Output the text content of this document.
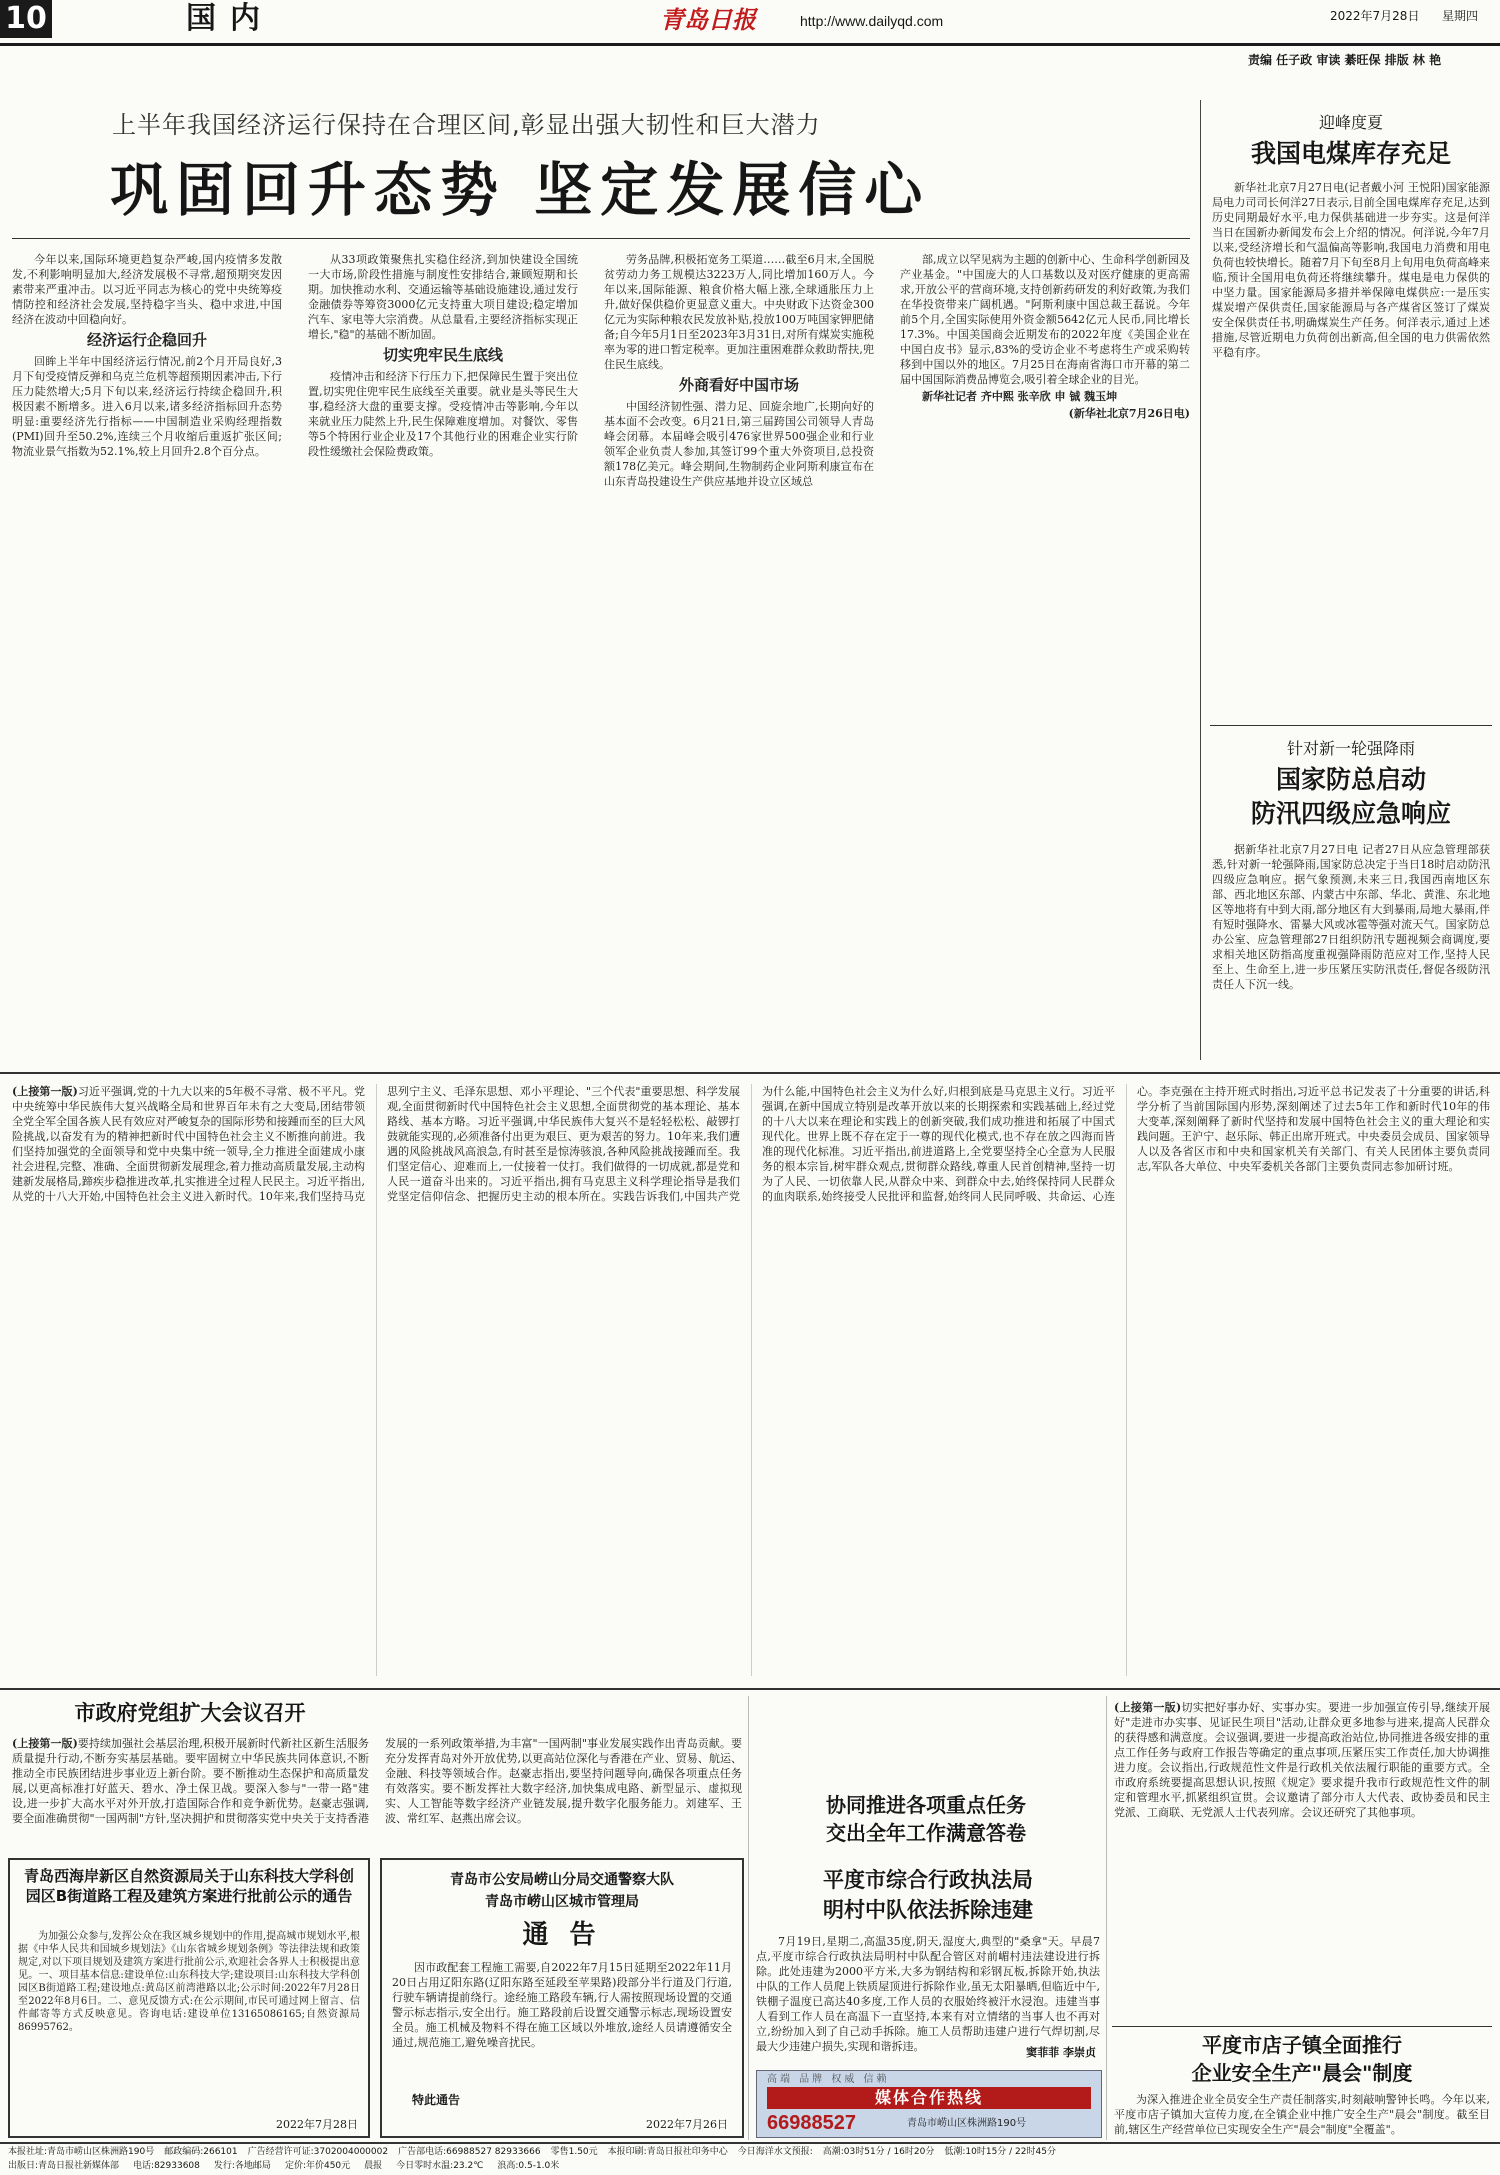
10	国内	青岛日报	http://www.dailyqd.com	2022年7月28日 星期四
责编 任子政 审读 綦旺保 排版 林 艳
上半年我国经济运行保持在合理区间,彰显出强大韧性和巨大潜力
巩固回升态势 坚定发展信心

今年以来,国际环境更趋复杂严峻,国内疫情多发散发,不利影响明显加大,经济发展极不寻常,超预期突发因素带来严重冲击。以习近平同志为核心的党中央统筹疫情防控和经济社会发展,坚持稳字当头、稳中求进,中国经济在波动中回稳向好。

经济运行企稳回升

回眸上半年中国经济运行情况,前2个月开局良好,3月下旬受疫情反弹和乌克兰危机等超预期因素冲击,下行压力陡然增大;5月下旬以来,经济运行持续企稳回升,积极因素不断增多。进入6月以来,诸多经济指标回升态势明显:重要经济先行指标——中国制造业采购经理指数(PMI)回升至50.2%,连续三个月收缩后重返扩张区间;物流业景气指数为52.1%,较上月回升2.8个百分点。

从33项政策聚焦扎实稳住经济,到加快建设全国统一大市场,阶段性措施与制度性安排结合,兼顾短期和长期。加快推动水利、交通运输等基础设施建设,通过发行金融债券等筹资3000亿元支持重大项目建设;稳定增加汽车、家电等大宗消费。从总量看,主要经济指标实现正增长,"稳"的基础不断加固。

切实兜牢民生底线

疫情冲击和经济下行压力下,把保障民生置于突出位置,切实兜住兜牢民生底线至关重要。就业是头等民生大事,稳经济大盘的重要支撑。受疫情冲击等影响,今年以来就业压力陡然上升,民生保障难度增加。对餐饮、零售等5个特困行业企业及17个其他行业的困难企业实行阶段性缓缴社会保险费政策。

劳务品牌,积极拓宽务工渠道……截至6月末,全国脱贫劳动力务工规模达3223万人,同比增加160万人。今年以来,国际能源、粮食价格大幅上涨,全球通胀压力上升,做好保供稳价更显意义重大。中央财政下达资金300亿元为实际种粮农民发放补贴,投放100万吨国家钾肥储备;自今年5月1日至2023年3月31日,对所有煤炭实施税率为零的进口暂定税率。更加注重困难群众救助帮扶,兜住民生底线。

外商看好中国市场

中国经济韧性强、潜力足、回旋余地广,长期向好的基本面不会改变。6月21日,第三届跨国公司领导人青岛峰会闭幕。本届峰会吸引476家世界500强企业和行业领军企业负责人参加,其签订99个重大外资项目,总投资额178亿美元。峰会期间,生物制药企业阿斯利康宣布在山东青岛投建设生产供应基地并设立区域总

部,成立以罕见病为主题的创新中心、生命科学创新园及产业基金。"中国庞大的人口基数以及对医疗健康的更高需求,开放公平的营商环境,支持创新药研发的利好政策,为我们在华投资带来广阔机遇。"阿斯利康中国总裁王磊说。今年前5个月,全国实际使用外资金额5642亿元人民币,同比增长17.3%。中国美国商会近期发布的2022年度《美国企业在中国白皮书》显示,83%的受访企业不考虑将生产或采购转移到中国以外的地区。7月25日在海南省海口市开幕的第二届中国国际消费品博览会,吸引着全球企业的目光。

新华社记者 齐中熙 张辛欣 申 铖 魏玉坤

(新华社北京7月26日电)

迎峰度夏
我国电煤库存充足

新华社北京7月27日电(记者戴小河 王悦阳)国家能源局电力司司长何洋27日表示,目前全国电煤库存充足,达到历史同期最好水平,电力保供基础进一步夯实。这是何洋当日在国新办新闻发布会上介绍的情况。何洋说,今年7月以来,受经济增长和气温偏高等影响,我国电力消费和用电负荷也较快增长。随着7月下旬至8月上旬用电负荷高峰来临,预计全国用电负荷还将继续攀升。煤电是电力保供的中坚力量。国家能源局多措并举保障电煤供应:一是压实煤炭增产保供责任,国家能源局与各产煤省区签订了煤炭安全保供责任书,明确煤炭生产任务。何洋表示,通过上述措施,尽管近期电力负荷创出新高,但全国的电力供需依然平稳有序。

针对新一轮强降雨
国家防总启动
防汛四级应急响应

据新华社北京7月27日电 记者27日从应急管理部获悉,针对新一轮强降雨,国家防总决定于当日18时启动防汛四级应急响应。据气象预测,未来三日,我国西南地区东部、西北地区东部、内蒙古中东部、华北、黄淮、东北地区等地将有中到大雨,部分地区有大到暴雨,局地大暴雨,伴有短时强降水、雷暴大风或冰雹等强对流天气。国家防总办公室、应急管理部27日组织防汛专题视频会商调度,要求相关地区防指高度重视强降雨防范应对工作,坚持人民至上、生命至上,进一步压紧压实防汛责任,督促各级防汛责任人下沉一线。

(上接第一版)习近平强调,党的十九大以来的5年极不寻常、极不平凡。党中央统筹中华民族伟大复兴战略全局和世界百年未有之大变局,团结带领全党全军全国各族人民有效应对严峻复杂的国际形势和接踵而至的巨大风险挑战,以奋发有为的精神把新时代中国特色社会主义不断推向前进。我们坚持加强党的全面领导和党中央集中统一领导,全力推进全面建成小康社会进程,完整、准确、全面贯彻新发展理念,着力推动高质量发展,主动构建新发展格局,蹄疾步稳推进改革,扎实推进全过程人民民主。习近平指出,从党的十八大开始,中国特色社会主义进入新时代。10年来,我们坚持马克思列宁主义、毛泽东思想、邓小平理论、"三个代表"重要思想、科学发展观,全面贯彻新时代中国特色社会主义思想,全面贯彻党的基本理论、基本路线、基本方略。习近平强调,中华民族伟大复兴不是轻轻松松、敲锣打鼓就能实现的,必须准备付出更为艰巨、更为艰苦的努力。10年来,我们遭遇的风险挑战风高浪急,有时甚至是惊涛骇浪,各种风险挑战接踵而至。我们坚定信心、迎难而上,一仗接着一仗打。我们做得的一切成就,都是党和人民一道奋斗出来的。习近平指出,拥有马克思主义科学理论指导是我们党坚定信仰信念、把握历史主动的根本所在。实践告诉我们,中国共产党为什么能,中国特色社会主义为什么好,归根到底是马克思主义行。习近平强调,在新中国成立特别是改革开放以来的长期探索和实践基础上,经过党的十八大以来在理论和实践上的创新突破,我们成功推进和拓展了中国式现代化。世界上既不存在定于一尊的现代化模式,也不存在放之四海而皆准的现代化标准。习近平指出,前进道路上,全党要坚持全心全意为人民服务的根本宗旨,树牢群众观点,贯彻群众路线,尊重人民首创精神,坚持一切为了人民、一切依靠人民,从群众中来、到群众中去,始终保持同人民群众的血肉联系,始终接受人民批评和监督,始终同人民同呼吸、共命运、心连心。李克强在主持开班式时指出,习近平总书记发表了十分重要的讲话,科学分析了当前国际国内形势,深刻阐述了过去5年工作和新时代10年的伟大变革,深刻阐释了新时代坚持和发展中国特色社会主义的重大理论和实践问题。王沪宁、赵乐际、韩正出席开班式。中央委员会成员、国家领导人以及各省区市和中央和国家机关有关部门、有关人民团体主要负责同志,军队各大单位、中央军委机关各部门主要负责同志参加研讨班。
市政府党组扩大会议召开
(上接第一版)要持续加强社会基层治理,积极开展新时代新社区新生活服务质量提升行动,不断夯实基层基础。要牢固树立中华民族共同体意识,不断推动全市民族团结进步事业迈上新台阶。要不断推动生态保护和高质量发展,以更高标准打好蓝天、碧水、净土保卫战。要深入参与"一带一路"建设,进一步扩大高水平对外开放,打造国际合作和竞争新优势。赵豪志强调,要全面准确贯彻"一国两制"方针,坚决拥护和贯彻落实党中央关于支持香港发展的一系列政策举措,为丰富"一国两制"事业发展实践作出青岛贡献。要充分发挥青岛对外开放优势,以更高站位深化与香港在产业、贸易、航运、金融、科技等领域合作。赵豪志指出,要坚持问题导向,确保各项重点任务有效落实。要不断发挥社大数字经济,加快集成电路、新型显示、虚拟现实、人工智能等数字经济产业链发展,提升数字化服务能力。刘建军、王波、常红军、赵燕出席会议。
青岛西海岸新区自然资源局关于山东科技大学科创园区B街道路工程及建筑方案进行批前公示的通告

为加强公众参与,发挥公众在我区城乡规划中的作用,提高城市规划水平,根据《中华人民共和国城乡规划法》《山东省城乡规划条例》等法律法规和政策规定,对以下项目规划及建筑方案进行批前公示,欢迎社会各界人士积极提出意见。一、项目基本信息:建设单位:山东科技大学;建设项目:山东科技大学科创园区B街道路工程;建设地点:黄岛区前湾港路以北;公示时间:2022年7月28日至2022年8月6日。二、意见反馈方式:在公示期间,市民可通过网上留言、信件邮寄等方式反映意见。咨询电话:建设单位13165086165;自然资源局86995762。

2022年7月28日
青岛市公安局崂山分局交通警察大队
青岛市崂山区城市管理局
通 告

因市政配套工程施工需要,自2022年7月15日延期至2022年11月20日占用辽阳东路(辽阳东路至延段至苹果路)段部分半行道及门行道,行驶车辆请提前绕行。途经施工路段车辆,行人需按照现场设置的交通警示标志指示,安全出行。施工路段前后设置交通警示标志,现场设置安全员。施工机械及物料不得在施工区域以外堆放,途经人员请遵循安全通过,规范施工,避免噪音扰民。

特此通告
2022年7月26日
协同推进各项重点任务
交出全年工作满意答卷
平度市综合行政执法局
明村中队依法拆除违建

7月19日,星期二,高温35度,阴天,湿度大,典型的"桑拿"天。早晨7点,平度市综合行政执法局明村中队配合管区对前嵋村违法建设进行拆除。此处违建为2000平方米,大多为钢结构和彩钢瓦板,拆除开始,执法中队的工作人员爬上铁质屋顶进行拆除作业,虽无太阳暴晒,但临近中午,铁棚子温度已高达40多度,工作人员的衣服始终被汗水浸泡。违建当事人看到工作人员在高温下一直坚持,本来有对立情绪的当事人也不再对立,纷纷加入到了自己动手拆除。施工人员帮助违建户进行气焊切割,尽最大少违建户损失,实现和谐拆违。	窦菲菲 李崇贞
高端 品牌 权威 信赖
媒体合作热线
66988527	青岛市崂山区株洲路190号
(上接第一版)切实把好事办好、实事办实。要进一步加强宣传引导,继续开展好"走进市办实事、见证民生项目"活动,让群众更多地参与进来,提高人民群众的获得感和满意度。会议强调,要进一步提高政治站位,协同推进各级安排的重点工作任务与政府工作报告等确定的重点事项,压紧压实工作责任,加大协调推进力度。会议指出,行政规范性文件是行政机关依法履行职能的重要方式。全市政府系统要提高思想认识,按照《规定》要求提升我市行政规范性文件的制定和管理水平,抓紧组织宣贯。会议邀请了部分市人大代表、政协委员和民主党派、工商联、无党派人士代表列席。会议还研究了其他事项。
平度市店子镇全面推行
企业安全生产"晨会"制度

为深入推进企业全员安全生产责任制落实,时刻敲响警钟长鸣。今年以来,平度市店子镇加大宣传力度,在全镇企业中推广安全生产"晨会"制度。截至目前,辖区生产经营单位已实现安全生产"晨会"制度"全覆盖"。

本报社址:青岛市崂山区株洲路190号 邮政编码:266101 广告经营许可证:3702004000002 广告部电话:66988527 82933666 零售1.50元 本报印刷:青岛日报社印务中心 今日海洋水文预报: 高潮:03时51分 / 16时20分 低潮:10时15分 / 22时45分
出版日:青岛日报社新媒体部 电话:82933608 发行:各地邮局 定价:年价450元 晨报 今日零时水温:23.2℃ 浪高:0.5-1.0米
